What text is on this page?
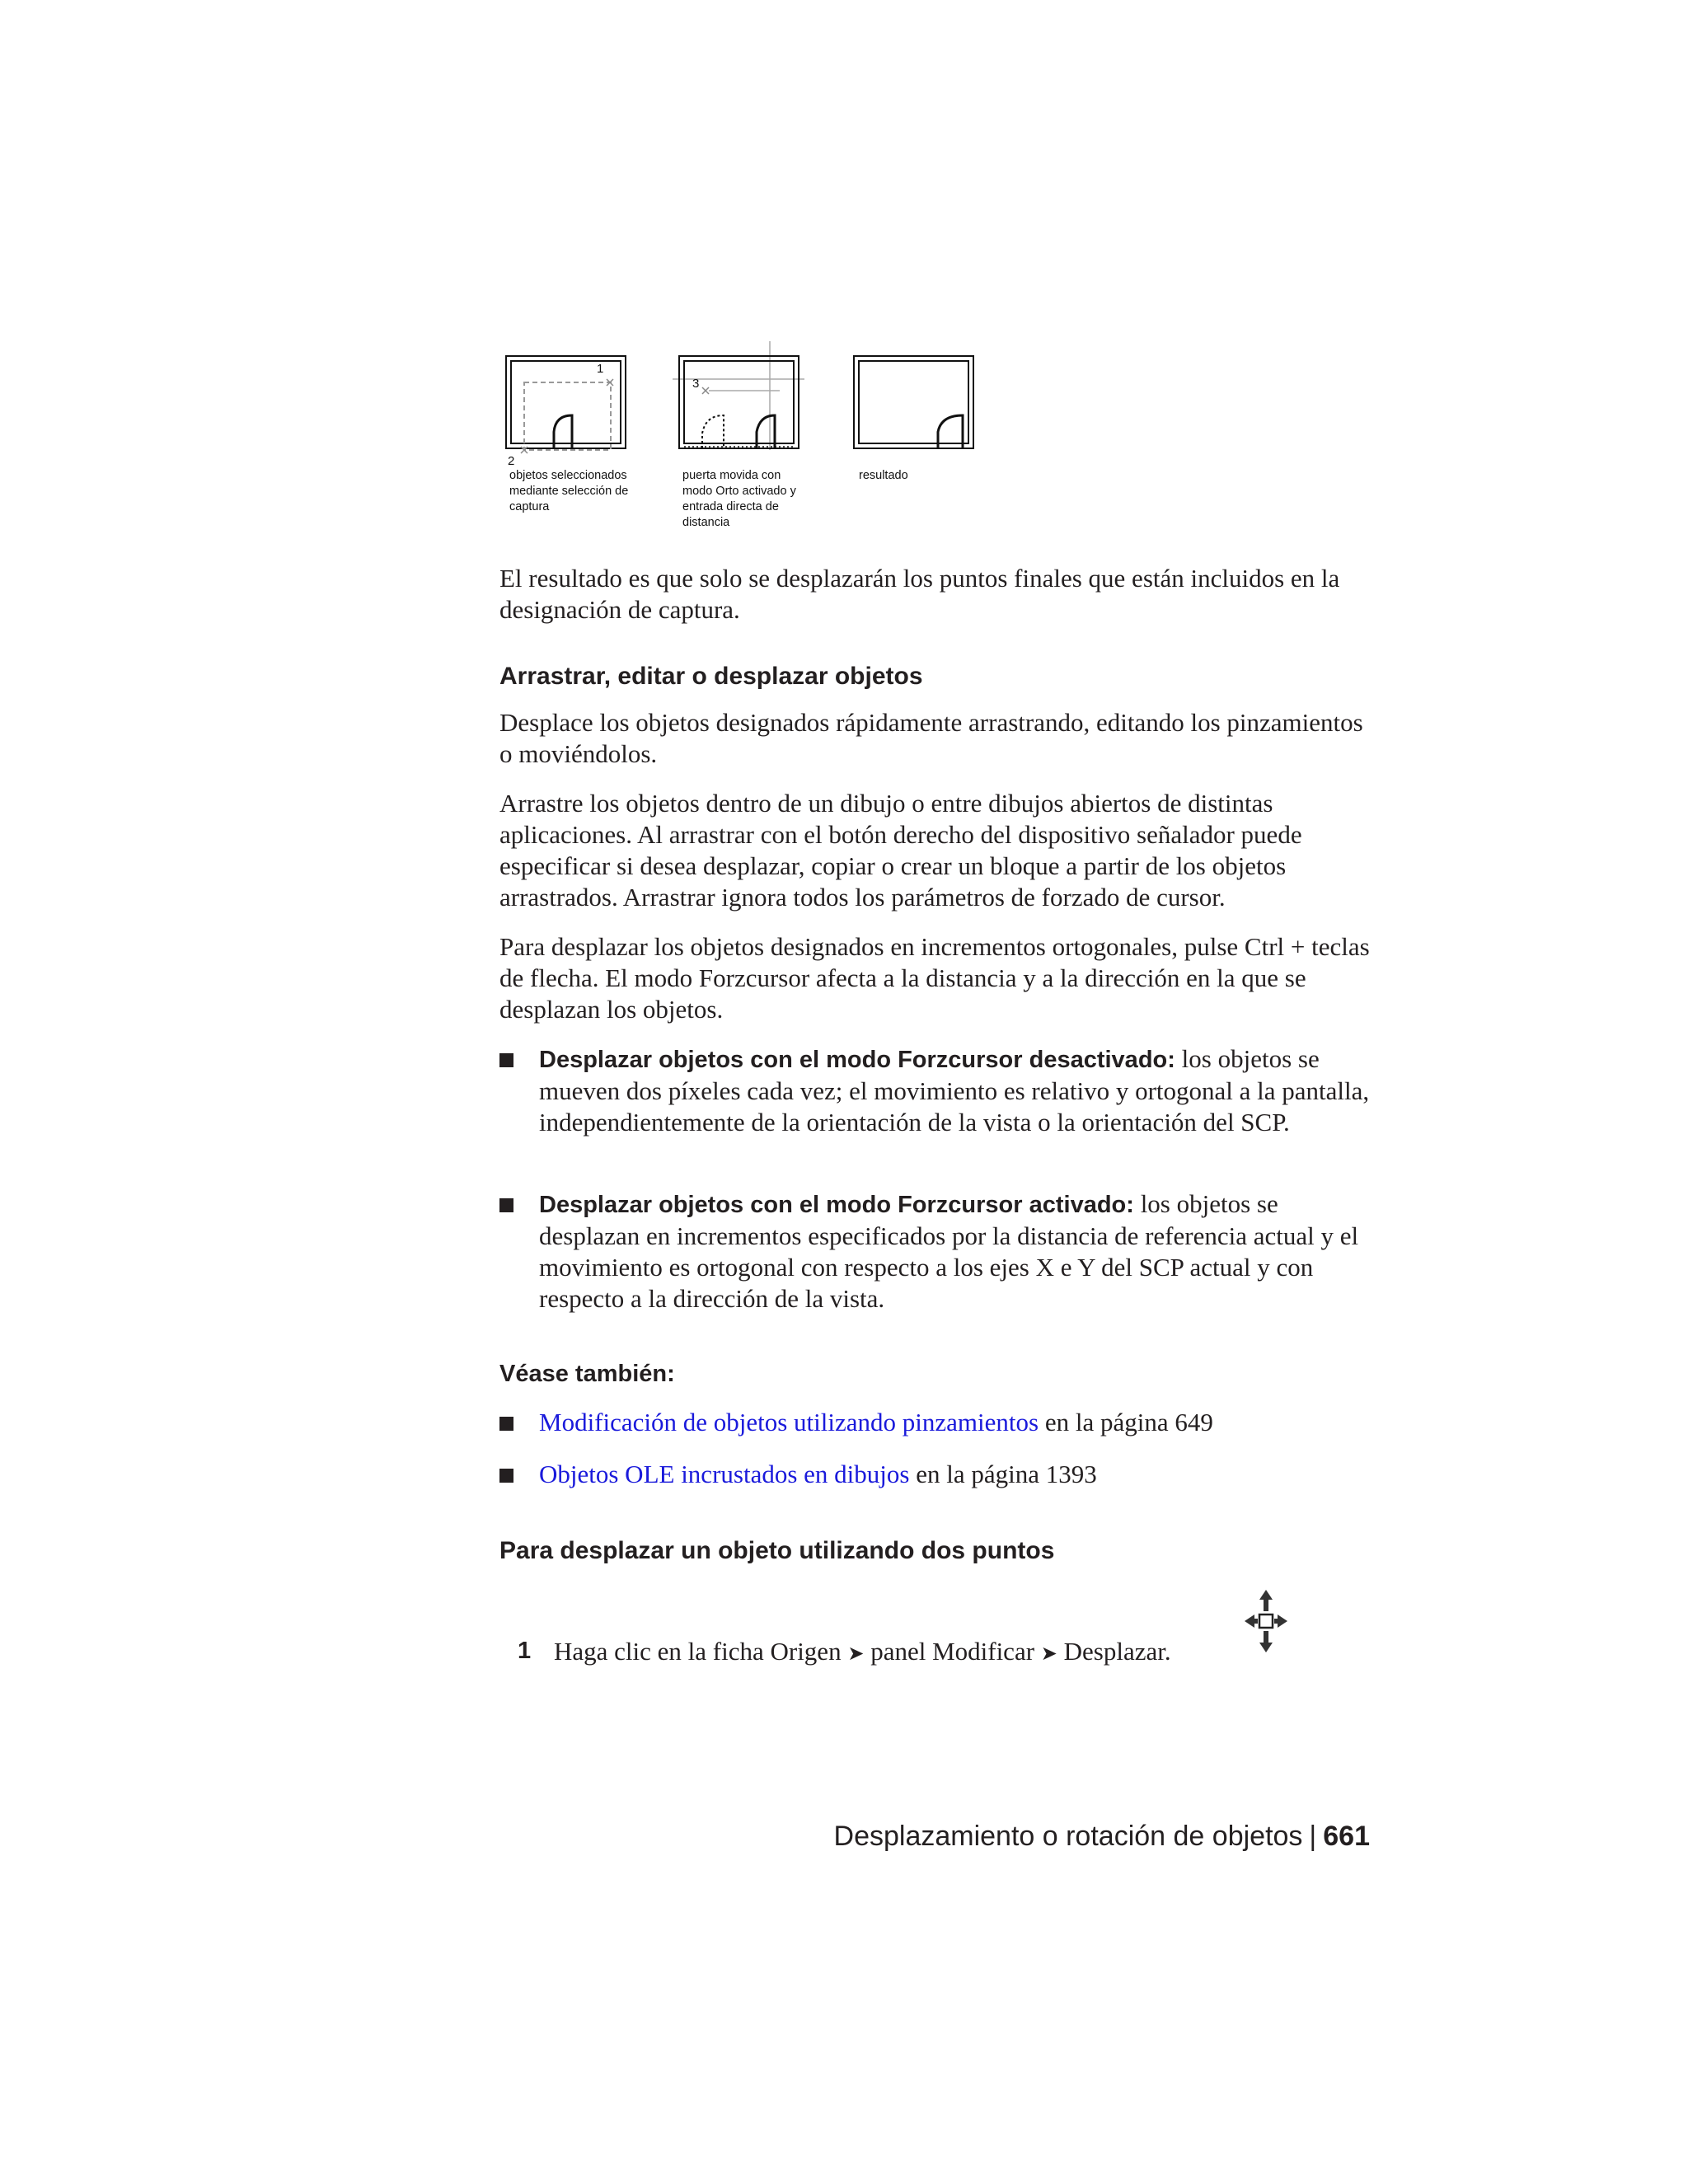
1
2
3
objetos seleccionados
mediante selección de
captura
puerta movida con
modo Orto activado y
entrada directa de
distancia
resultado

El resultado es que solo se desplazarán los puntos finales que están incluidos en la designación de captura.

Arrastrar, editar o desplazar objetos

Desplace los objetos designados rápidamente arrastrando, editando los pinzamientos o moviéndolos.

Arrastre los objetos dentro de un dibujo o entre dibujos abiertos de distintas aplicaciones. Al arrastrar con el botón derecho del dispositivo señalador puede especificar si desea desplazar, copiar o crear un bloque a partir de los objetos arrastrados. Arrastrar ignora todos los parámetros de forzado de cursor.

Para desplazar los objetos designados en incrementos ortogonales, pulse Ctrl + teclas de flecha. El modo Forzcursor afecta a la distancia y a la dirección en la que se desplazan los objetos.

Desplazar objetos con el modo Forzcursor desactivado: los objetos se mueven dos píxeles cada vez; el movimiento es relativo y ortogonal a la pantalla, independientemente de la orientación de la vista o la orientación del SCP.

Desplazar objetos con el modo Forzcursor activado: los objetos se desplazan en incrementos especificados por la distancia de referencia actual y el movimiento es ortogonal con respecto a los ejes X e Y del SCP actual y con respecto a la dirección de la vista.

Véase también:

Modificación de objetos utilizando pinzamientos en la página 649

Objetos OLE incrustados en dibujos en la página 1393

Para desplazar un objeto utilizando dos puntos
1 Haga clic en la ficha Origen ➤ panel Modificar ➤ Desplazar.
Desplazamiento o rotación de objetos | 661
